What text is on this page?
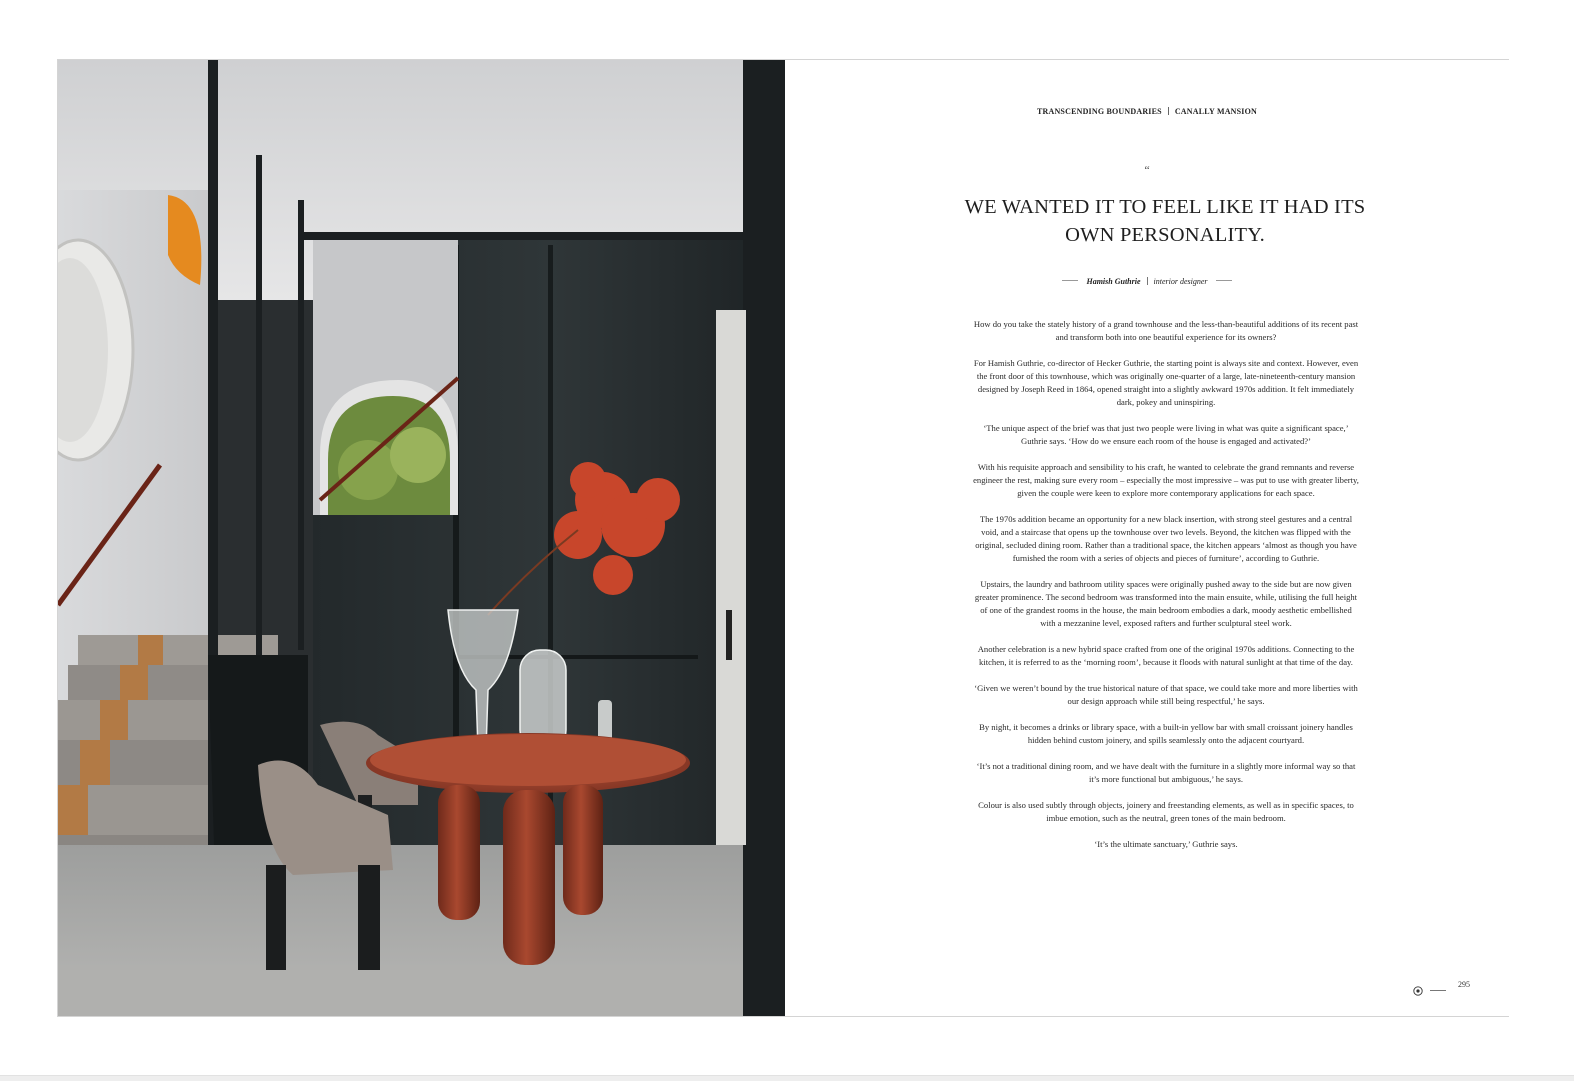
TRANSCENDING BOUNDARIES CANALLY MANSION
“
WE WANTED IT TO FEEL LIKE IT HAD ITS OWN PERSONALITY.
Hamish Guthrie interior designer

How do you take the stately history of a grand townhouse and the less-than-beautiful additions of its recent past and transform both into one beautiful experience for its owners?

For Hamish Guthrie, co-director of Hecker Guthrie, the starting point is always site and context. However, even the front door of this townhouse, which was originally one-quarter of a large, late-nineteenth-century mansion designed by Joseph Reed in 1864, opened straight into a slightly awkward 1970s addition. It felt immediately dark, pokey and uninspiring.

‘The unique aspect of the brief was that just two people were living in what was quite a significant space,’ Guthrie says. ‘How do we ensure each room of the house is engaged and activated?’

With his requisite approach and sensibility to his craft, he wanted to celebrate the grand remnants and reverse engineer the rest, making sure every room – especially the most impressive – was put to use with greater liberty, given the couple were keen to explore more contemporary applications for each space.

The 1970s addition became an opportunity for a new black insertion, with strong steel gestures and a central void, and a staircase that opens up the townhouse over two levels. Beyond, the kitchen was flipped with the original, secluded dining room. Rather than a traditional space, the kitchen appears ‘almost as though you have furnished the room with a series of objects and pieces of furniture’, according to Guthrie.

Upstairs, the laundry and bathroom utility spaces were originally pushed away to the side but are now given greater prominence. The second bedroom was transformed into the main ensuite, while, utilising the full height of one of the grandest rooms in the house, the main bedroom embodies a dark, moody aesthetic embellished with a mezzanine level, exposed rafters and further sculptural steel work.

Another celebration is a new hybrid space crafted from one of the original 1970s additions. Connecting to the kitchen, it is referred to as the ‘morning room’, because it floods with natural sunlight at that time of the day.

‘Given we weren’t bound by the true historical nature of that space, we could take more and more liberties with our design approach while still being respectful,’ he says.

By night, it becomes a drinks or library space, with a built-in yellow bar with small croissant joinery handles hidden behind custom joinery, and spills seamlessly onto the adjacent courtyard.

‘It’s not a traditional dining room, and we have dealt with the furniture in a slightly more informal way so that it’s more functional but ambiguous,’ he says.

Colour is also used subtly through objects, joinery and freestanding elements, as well as in specific spaces, to imbue emotion, such as the neutral, green tones of the main bedroom.

‘It’s the ultimate sanctuary,’ Guthrie says.

295
